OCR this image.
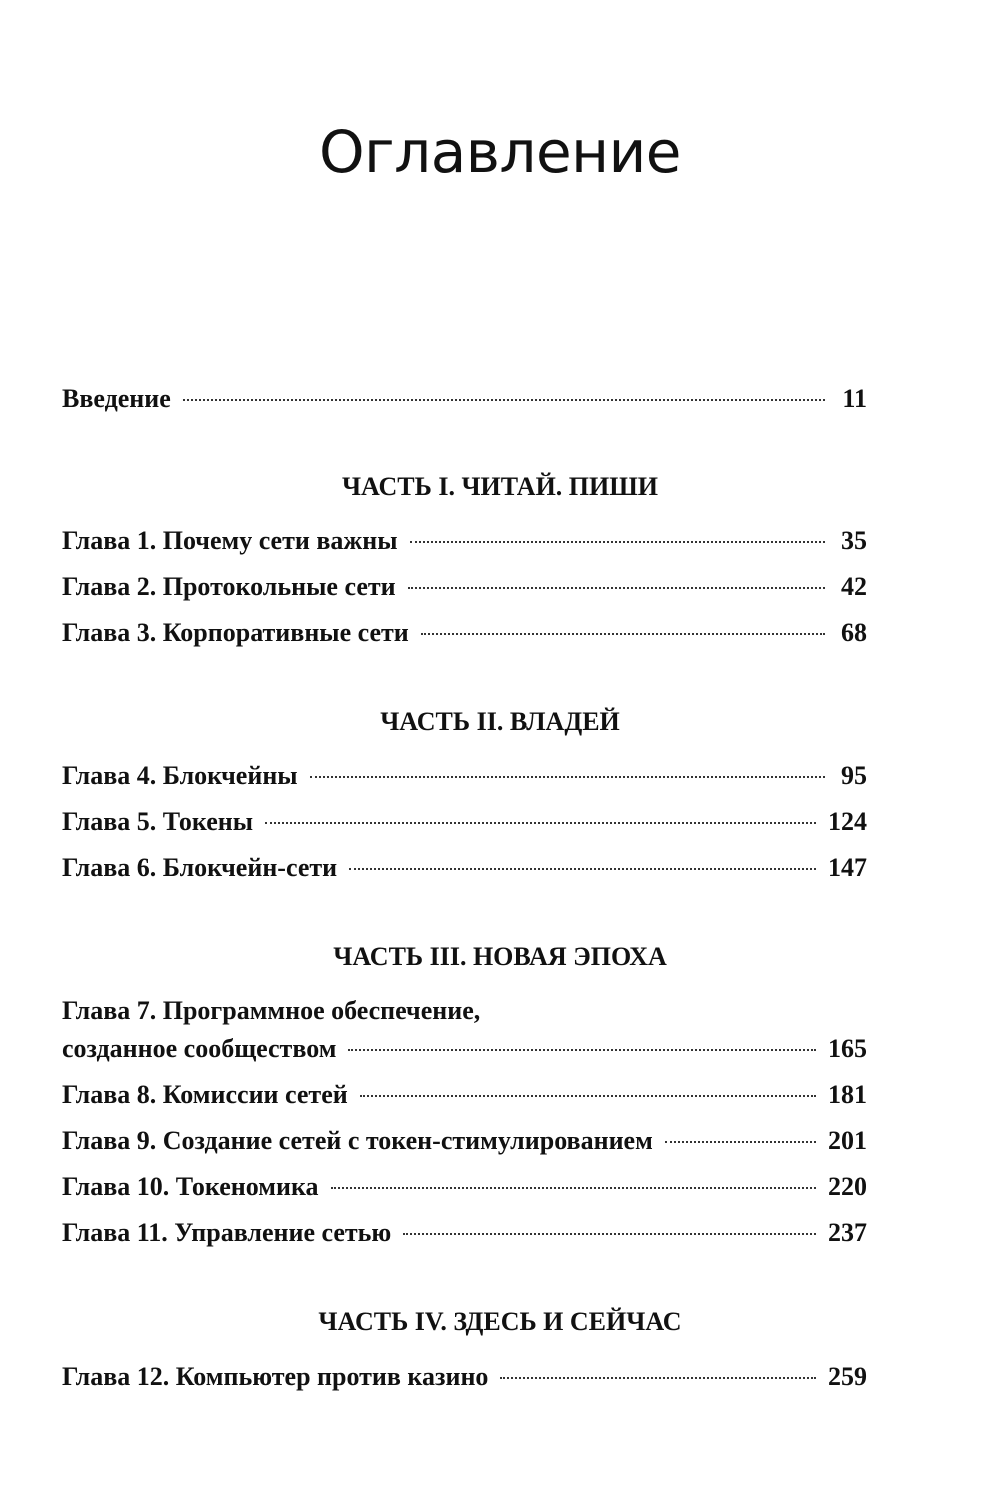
Оглавление
Введение	11
ЧАСТЬ I. ЧИТАЙ. ПИШИ
Глава 1. Почему сети важны	35
Глава 2. Протокольные сети	42
Глава 3. Корпоративные сети	68
ЧАСТЬ II. ВЛАДЕЙ
Глава 4. Блокчейны	95
Глава 5. Токены	124
Глава 6. Блокчейн-сети	147
ЧАСТЬ III. НОВАЯ ЭПОХА
Глава 7. Программное обеспечение,
созданное сообществом	165
Глава 8. Комиссии сетей	181
Глава 9. Создание сетей с токен-стимулированием	201
Глава 10. Токеномика	220
Глава 11. Управление сетью	237
ЧАСТЬ IV. ЗДЕСЬ И СЕЙЧАС
Глава 12. Компьютер против казино	259
